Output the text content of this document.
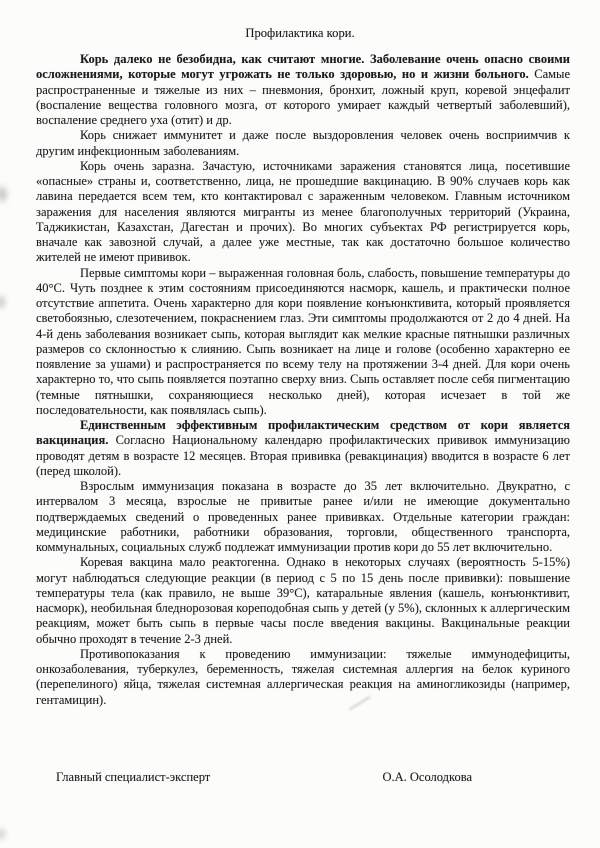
Профилактика кори.

Корь далеко не безобидна, как считают многие. Заболевание очень опасно своими осложнениями, которые могут угрожать не только здоровью, но и жизни больного. Самые распространенные и тяжелые из них – пневмония, бронхит, ложный круп, коревой энцефалит (воспаление вещества головного мозга, от которого умирает каждый четвертый заболевший), воспаление среднего уха (отит) и др.

Корь снижает иммунитет и даже после выздоровления человек очень восприимчив к другим инфекционным заболеваниям.

Корь очень заразна. Зачастую, источниками заражения становятся лица, посетившие «опасные» страны и, соответственно, лица, не прошедшие вакцинацию. В 90% случаев корь как лавина передается всем тем, кто контактировал с зараженным человеком. Главным источником заражения для населения являются мигранты из менее благополучных территорий (Украина, Таджикистан, Казахстан, Дагестан и прочих). Во многих субъектах РФ регистрируется корь, вначале как завозной случай, а далее уже местные, так как достаточно большое количество жителей не имеют прививок.

Первые симптомы кори – выраженная головная боль, слабость, повышение температуры до 40°С. Чуть позднее к этим состояниям присоединяются насморк, кашель, и практически полное отсутствие аппетита. Очень характерно для кори появление конъюнктивита, который проявляется светобоязнью, слезотечением, покраснением глаз. Эти симптомы продолжаются от 2 до 4 дней. На 4-й день заболевания возникает сыпь, которая выглядит как мелкие красные пятнышки различных размеров со склонностью к слиянию. Сыпь возникает на лице и голове (особенно характерно ее появление за ушами) и распространяется по всему телу на протяжении 3-4 дней. Для кори очень характерно то, что сыпь появляется поэтапно сверху вниз. Сыпь оставляет после себя пигментацию (темные пятнышки, сохраняющиеся несколько дней), которая исчезает в той же последовательности, как появлялась сыпь).

Единственным эффективным профилактическим средством от кори является вакцинация. Согласно Национальному календарю профилактических прививок иммунизацию проводят детям в возрасте 12 месяцев. Вторая прививка (ревакцинация) вводится в возрасте 6 лет (перед школой).

Взрослым иммунизация показана в возрасте до 35 лет включительно. Двукратно, с интервалом 3 месяца, взрослые не привитые ранее и/или не имеющие документально подтверждаемых сведений о проведенных ранее прививках. Отдельные категории граждан: медицинские работники, работники образования, торговли, общественного транспорта, коммунальных, социальных служб подлежат иммунизации против кори до 55 лет включительно.

Коревая вакцина мало реактогенна. Однако в некоторых случаях (вероятность 5-15%) могут наблюдаться следующие реакции (в период с 5 по 15 день после прививки): повышение температуры тела (как правило, не выше 39°С), катаральные явления (кашель, конъюнктивит, насморк), необильная бледнорозовая кореподобная сыпь у детей (у 5%), склонных к аллергическим реакциям, может быть сыпь в первые часы после введения вакцины. Вакцинальные реакции обычно проходят в течение 2-3 дней.

Противопоказания к проведению иммунизации: тяжелые иммунодефициты, онкозаболевания, туберкулез, беременность, тяжелая системная аллергия на белок куриного (перепелиного) яйца, тяжелая системная аллергическая реакция на аминогликозиды (например, гентамицин).

Главный специалист-эксперт	О.А. Осолодкова
